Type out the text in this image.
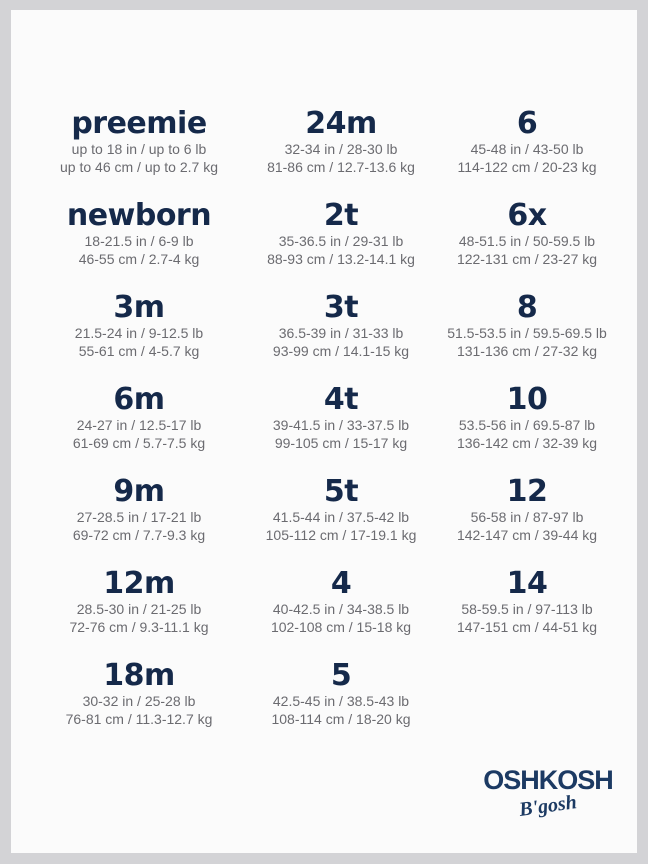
preemie
up to 18 in / up to 6 lb
up to 46 cm / up to 2.7 kg
newborn
18-21.5 in / 6-9 lb
46-55 cm / 2.7-4 kg
3m
21.5-24 in / 9-12.5 lb
55-61 cm / 4-5.7 kg
6m
24-27 in / 12.5-17 lb
61-69 cm / 5.7-7.5 kg
9m
27-28.5 in / 17-21 lb
69-72 cm / 7.7-9.3 kg
12m
28.5-30 in / 21-25 lb
72-76 cm / 9.3-11.1 kg
18m
30-32 in / 25-28 lb
76-81 cm / 11.3-12.7 kg
24m
32-34 in / 28-30 lb
81-86 cm / 12.7-13.6 kg
2t
35-36.5 in / 29-31 lb
88-93 cm / 13.2-14.1 kg
3t
36.5-39 in / 31-33 lb
93-99 cm / 14.1-15 kg
4t
39-41.5 in / 33-37.5 lb
99-105 cm / 15-17 kg
5t
41.5-44 in / 37.5-42 lb
105-112 cm / 17-19.1 kg
4
40-42.5 in / 34-38.5 lb
102-108 cm / 15-18 kg
5
42.5-45 in / 38.5-43 lb
108-114 cm / 18-20 kg
6
45-48 in / 43-50 lb
114-122 cm / 20-23 kg
6x
48-51.5 in / 50-59.5 lb
122-131 cm / 23-27 kg
8
51.5-53.5 in / 59.5-69.5 lb
131-136 cm / 27-32 kg
10
53.5-56 in / 69.5-87 lb
136-142 cm / 32-39 kg
12
56-58 in / 87-97 lb
142-147 cm / 39-44 kg
14
58-59.5 in / 97-113 lb
147-151 cm / 44-51 kg
OSHKOSH
B'gosh
